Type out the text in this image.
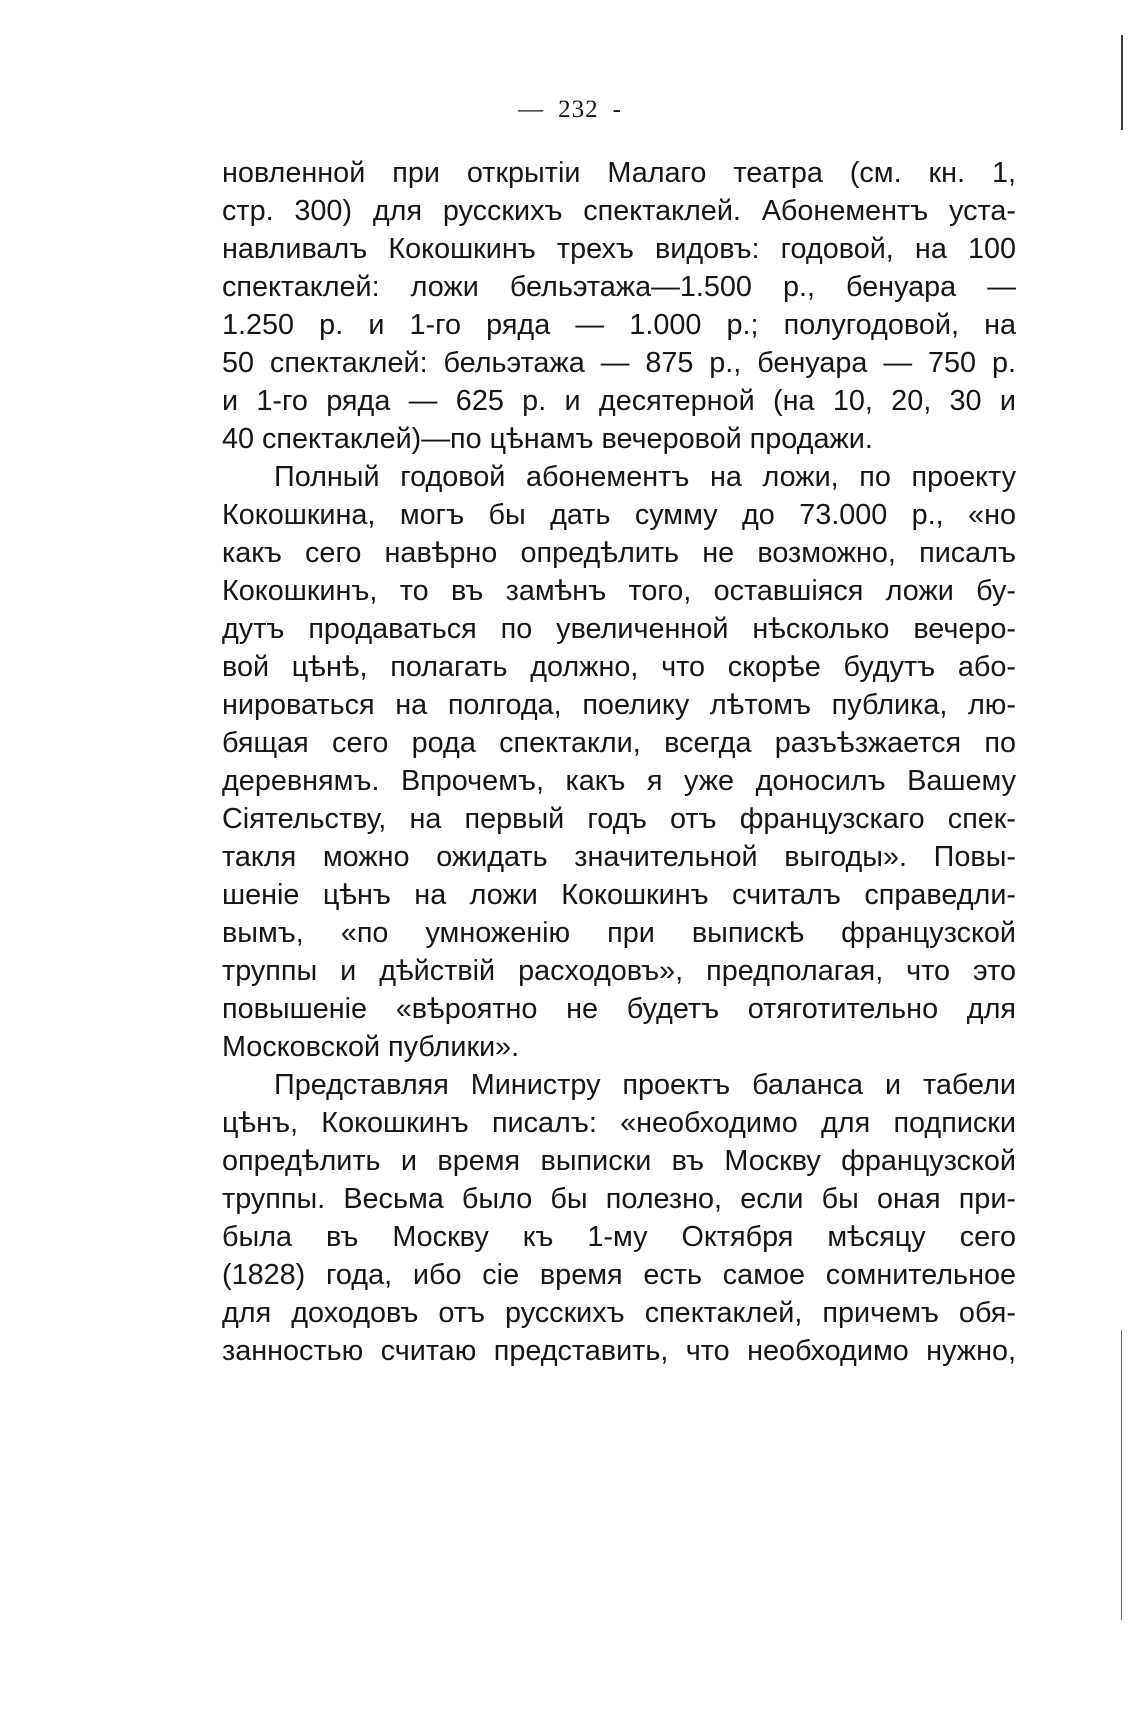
— 232 -
новленной при открытіи Малаго театра (см. кн. 1,
стр. 300) для русскихъ спектаклей. Абонементъ уста-
навливалъ Кокошкинъ трехъ видовъ: годовой, на 100
спектаклей: ложи бельэтажа—1.500 р., бенуара —
1.250 р. и 1-го ряда — 1.000 р.; полугодовой, на
50 спектаклей: бельэтажа — 875 р., бенуара — 750 р.
и 1-го ряда — 625 р. и десятерной (на 10, 20, 30 и
40 спектаклей)—по цѣнамъ вечеровой продажи.
Полный годовой абонементъ на ложи, по проекту
Кокошкина, могъ бы дать сумму до 73.000 р., «но
какъ сего навѣрно опредѣлить не возможно, писалъ
Кокошкинъ, то въ замѣнъ того, оставшіяся ложи бу-
дутъ продаваться по увеличенной нѣсколько вечеро-
вой цѣнѣ, полагать должно, что скорѣе будутъ або-
нироваться на полгода, поелику лѣтомъ публика, лю-
бящая сего рода спектакли, всегда разъѣзжается по
деревнямъ. Впрочемъ, какъ я уже доносилъ Вашему
Сіятельству, на первый годъ отъ французскаго спек-
такля можно ожидать значительной выгоды». Повы-
шеніе цѣнъ на ложи Кокошкинъ считалъ справедли-
вымъ, «по умноженію при выпискѣ французской
труппы и дѣйствій расходовъ», предполагая, что это
повышеніе «вѣроятно не будетъ отяготительно для
Московской публики».
Представляя Министру проектъ баланса и табели
цѣнъ, Кокошкинъ писалъ: «необходимо для подписки
опредѣлить и время выписки въ Москву французской
труппы. Весьма было бы полезно, если бы оная при-
была въ Москву къ 1-му Октября мѣсяцу сего
(1828) года, ибо сіе время есть самое сомнительное
для доходовъ отъ русскихъ спектаклей, причемъ обя-
занностью считаю представить, что необходимо нужно,
